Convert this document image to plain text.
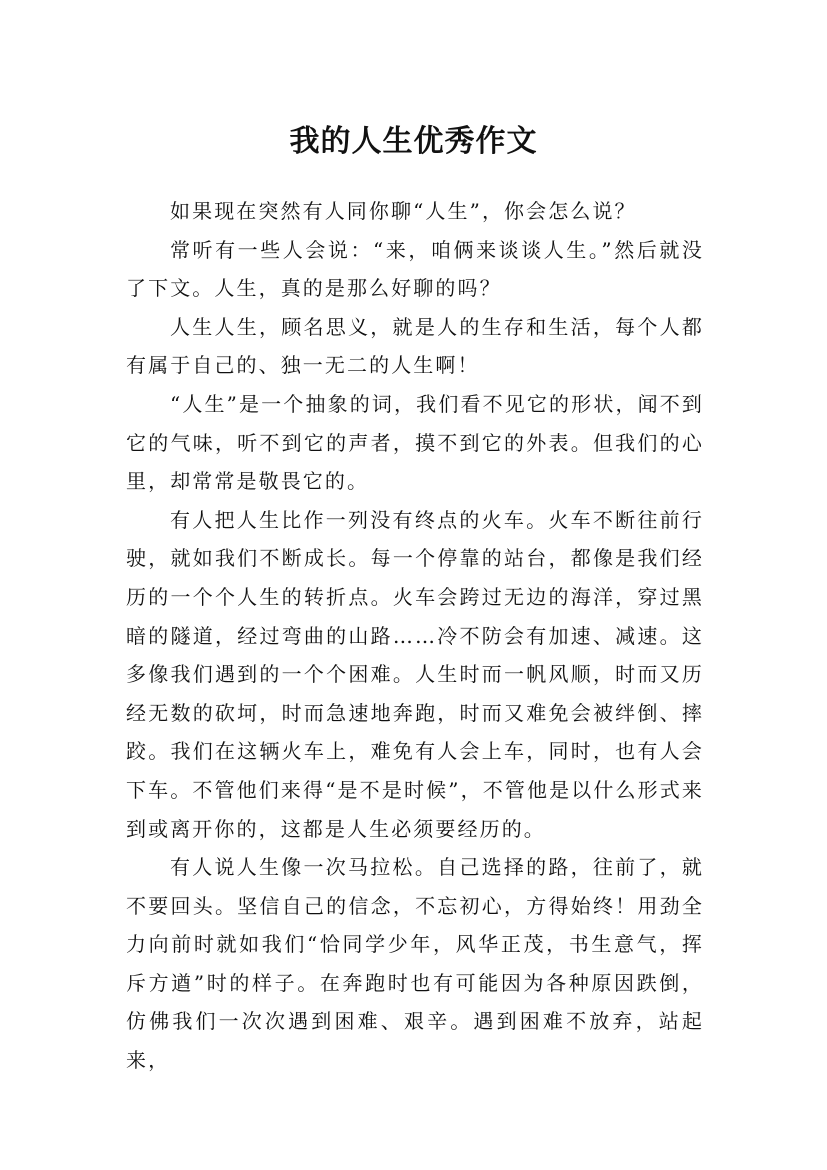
我的人生优秀作文

如果现在突然有人同你聊“人生”，你会怎么说？

常听有一些人会说：“来，咱俩来谈谈人生。”然后就没了下文。人生，真的是那么好聊的吗？

人生人生，顾名思义，就是人的生存和生活，每个人都有属于自己的、独一无二的人生啊！

“人生”是一个抽象的词，我们看不见它的形状，闻不到它的气味，听不到它的声者，摸不到它的外表。但我们的心里，却常常是敬畏它的。

有人把人生比作一列没有终点的火车。火车不断往前行驶，就如我们不断成长。每一个停靠的站台，都像是我们经历的一个个人生的转折点。火车会跨过无边的海洋，穿过黑暗的隧道，经过弯曲的山路……冷不防会有加速、减速。这多像我们遇到的一个个困难。人生时而一帆风顺，时而又历经无数的砍坷，时而急速地奔跑，时而又难免会被绊倒、摔跤。我们在这辆火车上，难免有人会上车，同时，也有人会下车。不管他们来得“是不是时候”，不管他是以什么形式来到或离开你的，这都是人生必须要经历的。

有人说人生像一次马拉松。自己选择的路，往前了，就不要回头。坚信自己的信念，不忘初心，方得始终！用劲全力向前时就如我们“恰同学少年，风华正茂，书生意气，挥斥方遒”时的样子。在奔跑时也有可能因为各种原因跌倒，仿佛我们一次次遇到困难、艰辛。遇到困难不放弃，站起来，
